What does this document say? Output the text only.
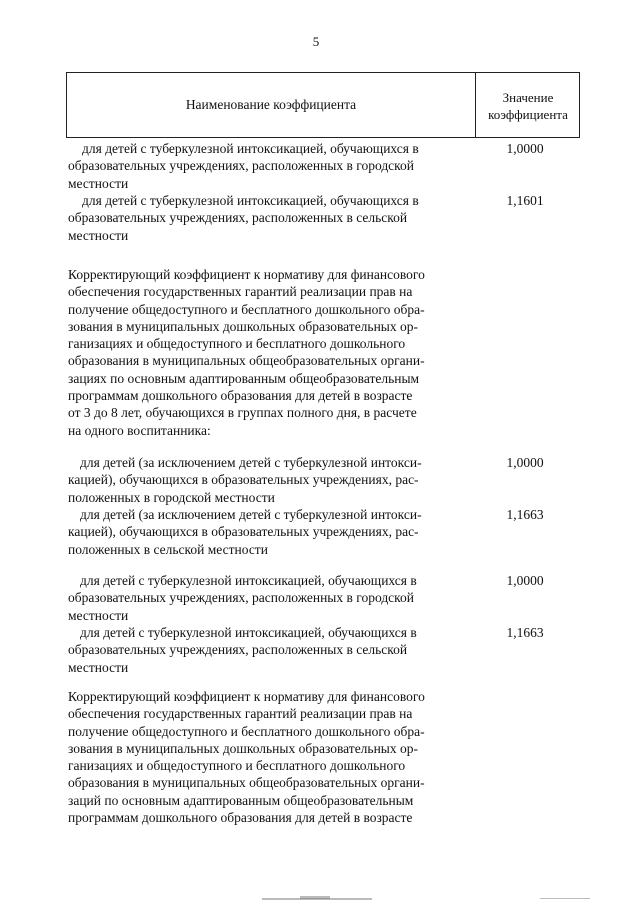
5
Наименование коэффициента	Значение
коэффициента
для детей с туберкулезной интоксикацией, обучающихся в
образовательных учреждениях, расположенных в городской
местности
1,0000
для детей с туберкулезной интоксикацией, обучающихся в
образовательных учреждениях, расположенных в сельской
местности
1,1601
Корректирующий коэффициент к нормативу для финансового
обеспечения государственных гарантий реализации прав на
получение общедоступного и бесплатного дошкольного обра-
зования в муниципальных дошкольных образовательных ор-
ганизациях и общедоступного и бесплатного дошкольного
образования в муниципальных общеобразовательных органи-
зациях по основным адаптированным общеобразовательным
программам дошкольного образования для детей в возрасте
от 3 до 8 лет, обучающихся в группах полного дня, в расчете
на одного воспитанника:
для детей (за исключением детей с туберкулезной интокси-
кацией), обучающихся в образовательных учреждениях, рас-
положенных в городской местности
1,0000
для детей (за исключением детей с туберкулезной интокси-
кацией), обучающихся в образовательных учреждениях, рас-
положенных в сельской местности
1,1663
для детей с туберкулезной интоксикацией, обучающихся в
образовательных учреждениях, расположенных в городской
местности
1,0000
для детей с туберкулезной интоксикацией, обучающихся в
образовательных учреждениях, расположенных в сельской
местности
1,1663
Корректирующий коэффициент к нормативу для финансового
обеспечения государственных гарантий реализации прав на
получение общедоступного и бесплатного дошкольного обра-
зования в муниципальных дошкольных образовательных ор-
ганизациях и общедоступного и бесплатного дошкольного
образования в муниципальных общеобразовательных органи-
заций по основным адаптированным общеобразовательным
программам дошкольного образования для детей в возрасте
